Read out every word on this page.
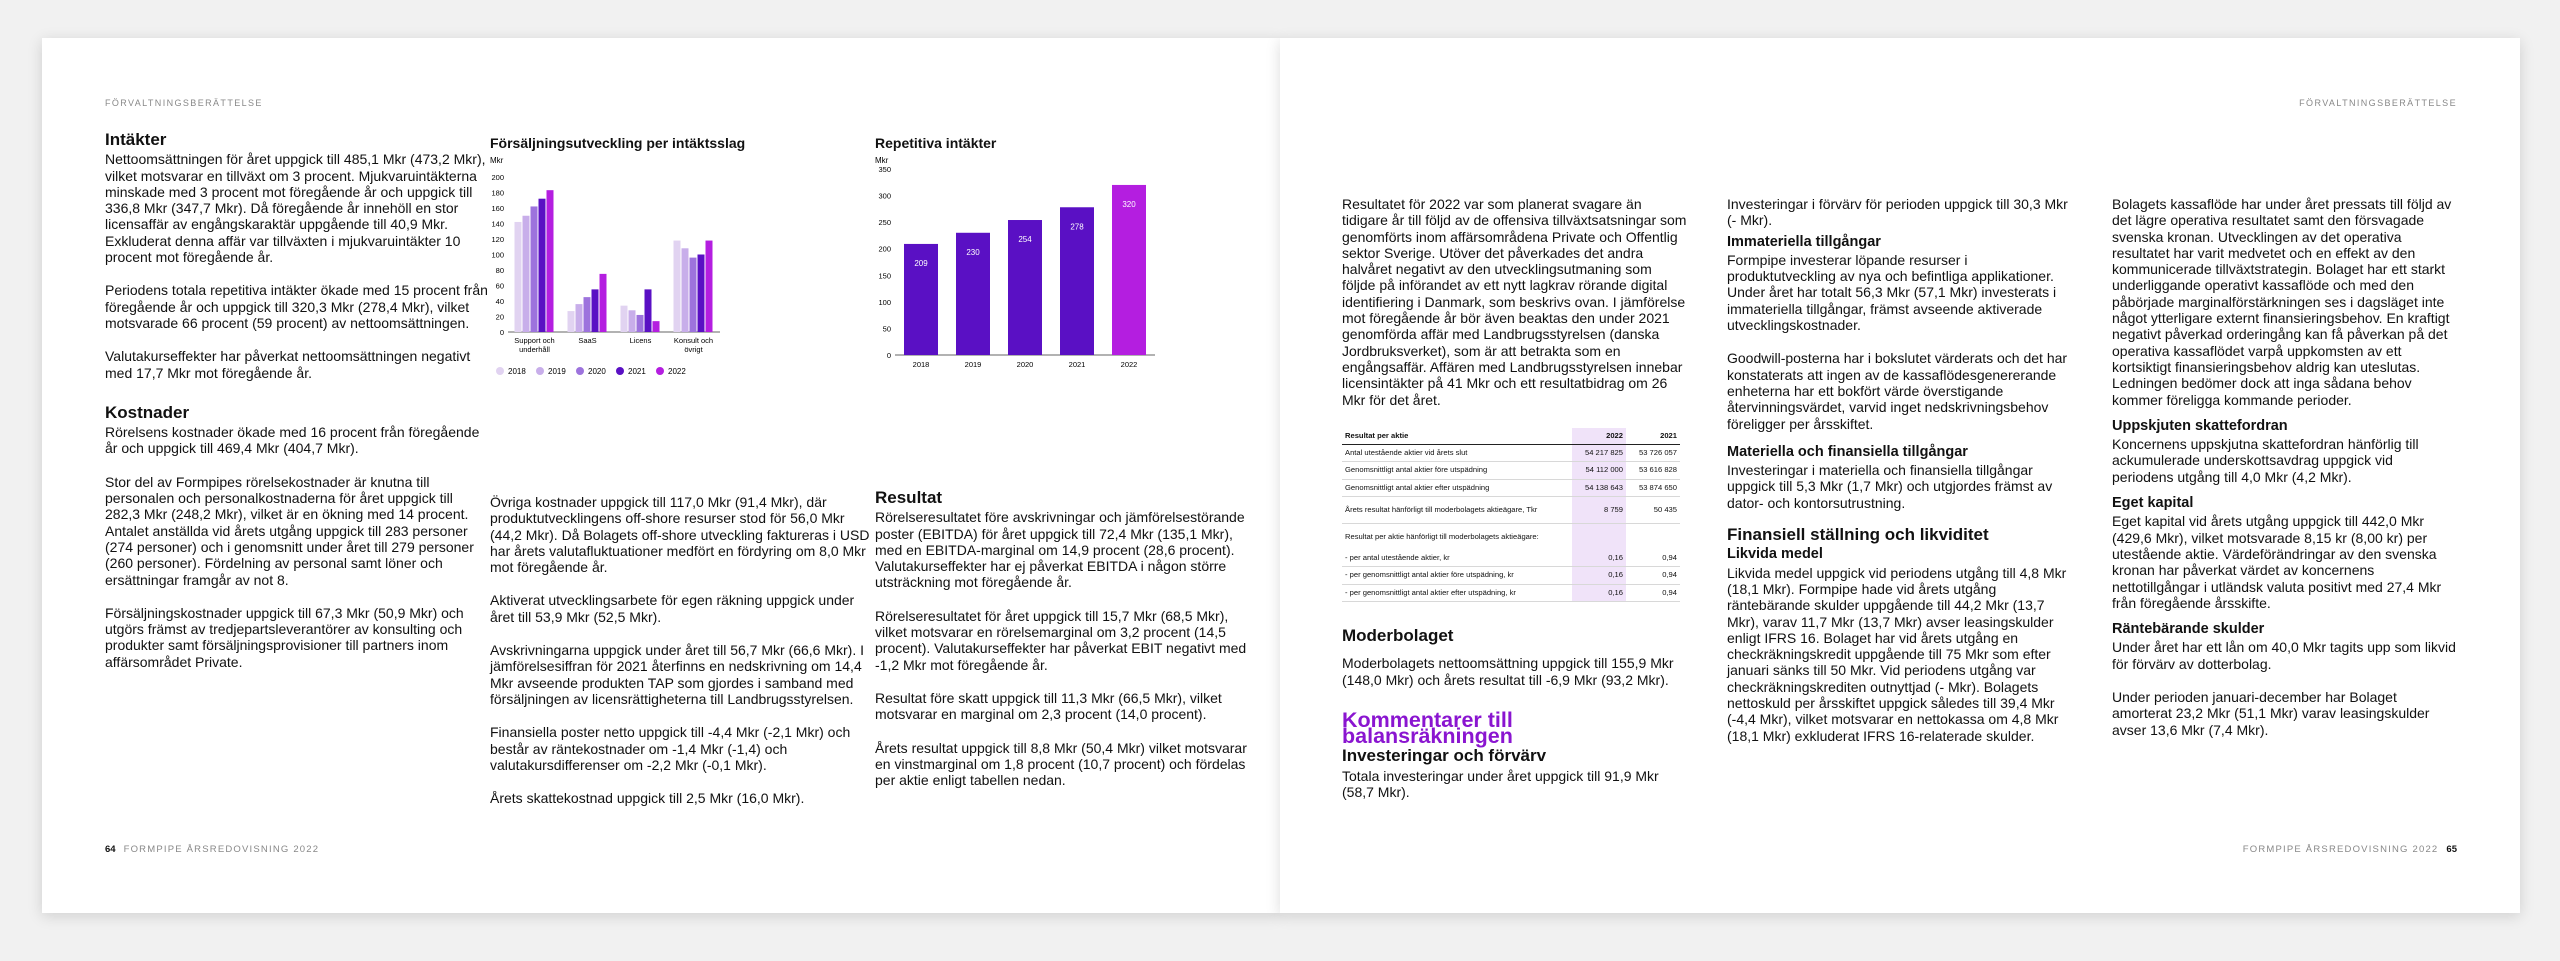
FÖRVALTNINGSBERÄTTELSE
Intäkter

Nettoomsättningen för året uppgick till 485,1 Mkr (473,2 Mkr), vilket motsvarar en tillväxt om 3 procent. Mjukvaruintäkterna minskade med 3 procent mot föregående år och uppgick till 336,8 Mkr (347,7 Mkr). Då föregående år innehöll en stor licensaffär av engångskaraktär uppgående till 40,9 Mkr. Exkluderat denna affär var tillväxten i mjukvaruintäkter 10 procent mot föregående år.

Periodens totala repetitiva intäkter ökade med 15 procent från föregående år och uppgick till 320,3 Mkr (278,4 Mkr), vilket motsvarade 66 procent (59 procent) av nettoomsättningen.

Valutakurseffekter har påverkat nettoomsättningen negativt med 17,7 Mkr mot föregående år.

Kostnader

Rörelsens kostnader ökade med 16 procent från föregående år och uppgick till 469,4 Mkr (404,7 Mkr).

Stor del av Formpipes rörelsekostnader är knutna till personalen och personalkostnaderna för året uppgick till 282,3 Mkr (248,2 Mkr), vilket är en ökning med 14 procent. Antalet anställda vid årets utgång uppgick till 283 personer (274 personer) och i genomsnitt under året till 279 personer (260 personer). Fördelning av personal samt löner och ersättningar framgår av not 8.

Försäljningskostnader uppgick till 67,3 Mkr (50,9 Mkr) och utgörs främst av tredjepartsleverantörer av konsulting och produkter samt försäljningsprovisioner till partners inom affärsområdet Private.

Försäljningsutveckling per intäktsslag
Mkr
200
180
160
140
120
100
80
60
40
20
0
Support och
underhåll
SaaS	Licens	Konsult och
övrigt
2018	2019	2020	2021	2022

Övriga kostnader uppgick till 117,0 Mkr (91,4 Mkr), där produktutvecklingens off-shore resurser stod för 56,0 Mkr (44,2 Mkr). Då Bolagets off-shore utveckling faktureras i USD har årets valutafluktuationer medfört en fördyring om 8,0 Mkr mot föregående år.

Aktiverat utvecklingsarbete för egen räkning uppgick under året till 53,9 Mkr (52,5 Mkr).

Avskrivningarna uppgick under året till 56,7 Mkr (66,6 Mkr). I jämförelsesiffran för 2021 återfinns en nedskrivning om 14,4 Mkr avseende produkten TAP som gjordes i samband med försäljningen av licensrättigheterna till Landbrugsstyrelsen.

Finansiella poster netto uppgick till -4,4 Mkr (-2,1 Mkr) och består av räntekostnader om -1,4 Mkr (-1,4) och valutakursdifferenser om -2,2 Mkr (-0,1 Mkr).

Årets skattekostnad uppgick till 2,5 Mkr (16,0 Mkr).

Repetitiva intäkter
Mkr
350
300
250
200
150
100
50
0
209
2018
230
2019
254
2020
278
2021
320
2022
Resultat

Rörelseresultatet före avskrivningar och jämförelsestörande poster (EBITDA) för året uppgick till 72,4 Mkr (135,1 Mkr), med en EBITDA-marginal om 14,9 procent (28,6 procent). Valutakurseffekter har ej påverkat EBITDA i någon större utsträckning mot föregående år.

Rörelseresultatet för året uppgick till 15,7 Mkr (68,5 Mkr), vilket motsvarar en rörelsemarginal om 3,2 procent (14,5 procent). Valutakurseffekter har påverkat EBIT negativt med -1,2 Mkr mot föregående år.

Resultat före skatt uppgick till 11,3 Mkr (66,5 Mkr), vilket motsvarar en marginal om 2,3 procent (14,0 procent).

Årets resultat uppgick till 8,8 Mkr (50,4 Mkr) vilket motsvarar en vinstmarginal om 1,8 procent (10,7 procent) och fördelas per aktie enligt tabellen nedan.

64 FORMPIPE ÅRSREDOVISNING 2022
FÖRVALTNINGSBERÄTTELSE

Resultatet för 2022 var som planerat svagare än tidigare år till följd av de offensiva tillväxtsatsningar som genomförts inom affärsområdena Private och Offentlig sektor Sverige. Utöver det påverkades det andra halvåret negativt av den utvecklingsutmaning som följde på införandet av ett nytt lagkrav rörande digital identifiering i Danmark, som beskrivs ovan. I jämförelse mot föregående år bör även beaktas den under 2021 genomförda affär med Landbrugsstyrelsen (danska Jordbruksverket), som är att betrakta som en engångsaffär. Affären med Landbrugsstyrelsen innebar licensintäkter på 41 Mkr och ett resultatbidrag om 26 Mkr för det året.

Resultat per aktie	2022	2021
Antal utestående aktier vid årets slut	54 217 825	53 726 057
Genomsnittligt antal aktier före utspädning	54 112 000	53 616 828
Genomsnittligt antal aktier efter utspädning	54 138 643	53 874 650
Årets resultat hänförligt till moderbolagets aktieägare, Tkr	8 759	50 435
Resultat per aktie hänförligt till moderbolagets aktieägare:		
- per antal utestående aktier, kr	0,16	0,94
- per genomsnittligt antal aktier före utspädning, kr	0,16	0,94
- per genomsnittligt antal aktier efter utspädning, kr	0,16	0,94
Moderbolaget

Moderbolagets nettoomsättning uppgick till 155,9 Mkr (148,0 Mkr) och årets resultat till -6,9 Mkr (93,2 Mkr).

Kommentarer till balansräkningen
Investeringar och förvärv

Totala investeringar under året uppgick till 91,9 Mkr (58,7 Mkr).

Investeringar i förvärv för perioden uppgick till 30,3 Mkr (- Mkr).

Immateriella tillgångar

Formpipe investerar löpande resurser i produktutveckling av nya och befintliga applikationer. Under året har totalt 56,3 Mkr (57,1 Mkr) investerats i immateriella tillgångar, främst avseende aktiverade utvecklingskostnader.

Goodwill-posterna har i bokslutet värderats och det har konstaterats att ingen av de kassaflödesgenererande enheterna har ett bokfört värde överstigande återvinningsvärdet, varvid inget nedskrivningsbehov föreligger per årsskiftet.

Materiella och finansiella tillgångar

Investeringar i materiella och finansiella tillgångar uppgick till 5,3 Mkr (1,7 Mkr) och utgjordes främst av dator- och kontorsutrustning.

Finansiell ställning och likviditet
Likvida medel

Likvida medel uppgick vid periodens utgång till 4,8 Mkr (18,1 Mkr). Formpipe hade vid årets utgång räntebärande skulder uppgående till 44,2 Mkr (13,7 Mkr), varav 11,7 Mkr (13,7 Mkr) avser leasingskulder enligt IFRS 16. Bolaget har vid årets utgång en checkräkningskredit uppgående till 75 Mkr som efter januari sänks till 50 Mkr. Vid periodens utgång var checkräkningskrediten outnyttjad (- Mkr). Bolagets nettoskuld per årsskiftet uppgick således till 39,4 Mkr (-4,4 Mkr), vilket motsvarar en nettokassa om 4,8 Mkr (18,1 Mkr) exkluderat IFRS 16-relaterade skulder.

Bolagets kassaflöde har under året pressats till följd av det lägre operativa resultatet samt den försvagade svenska kronan. Utvecklingen av det operativa resultatet har varit medvetet och en effekt av den kommunicerade tillväxtstrategin. Bolaget har ett starkt underliggande operativt kassaflöde och med den påbörjade marginalförstärkningen ses i dagsläget inte något ytterligare externt finansieringsbehov. En kraftigt negativt påverkad orderingång kan få påverkan på det operativa kassaflödet varpå uppkomsten av ett kortsiktigt finansieringsbehov aldrig kan uteslutas. Ledningen bedömer dock att inga sådana behov kommer föreligga kommande perioder.

Uppskjuten skattefordran

Koncernens uppskjutna skattefordran hänförlig till ackumulerade underskottsavdrag uppgick vid periodens utgång till 4,0 Mkr (4,2 Mkr).

Eget kapital

Eget kapital vid årets utgång uppgick till 442,0 Mkr (429,6 Mkr), vilket motsvarade 8,15 kr (8,00 kr) per utestående aktie. Värdeförändringar av den svenska kronan har påverkat värdet av koncernens nettotillgångar i utländsk valuta positivt med 27,4 Mkr från föregående årsskifte.

Räntebärande skulder

Under året har ett lån om 40,0 Mkr tagits upp som likvid för förvärv av dotterbolag.

Under perioden januari-december har Bolaget amorterat 23,2 Mkr (51,1 Mkr) varav leasingskulder avser 13,6 Mkr (7,4 Mkr).

FORMPIPE ÅRSREDOVISNING 2022 65
